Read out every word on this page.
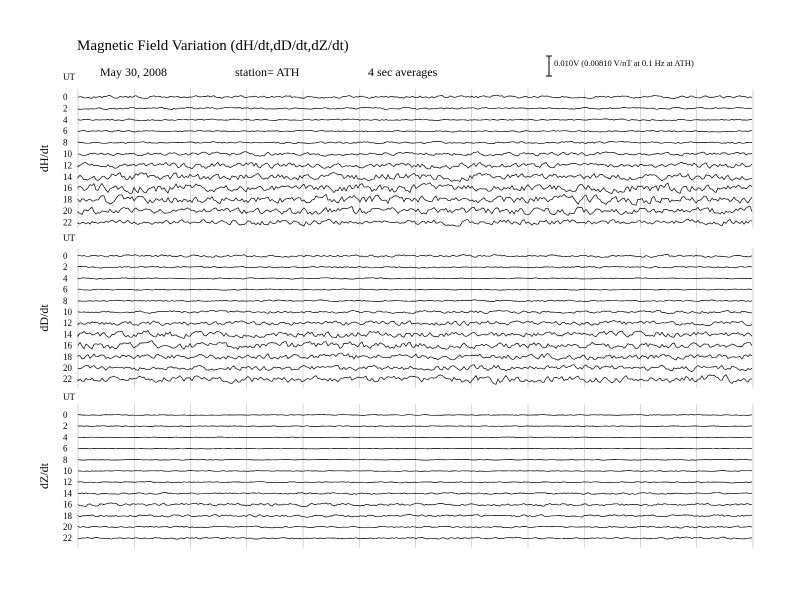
Magnetic Field Variation (dH/dt,dD/dt,dZ/dt)
May 30, 2008	station= ATH	4 sec averages
0.010V (0.00810 V/nT at 0.1 Hz at ATH)
dH/dt
UT
0
2
4
6
8
10
12
14
16
18
20
22
dD/dt
UT
0
2
4
6
8
10
12
14
16
18
20
22
dZ/dt
UT
0
2
4
6
8
10
12
14
16
18
20
22
